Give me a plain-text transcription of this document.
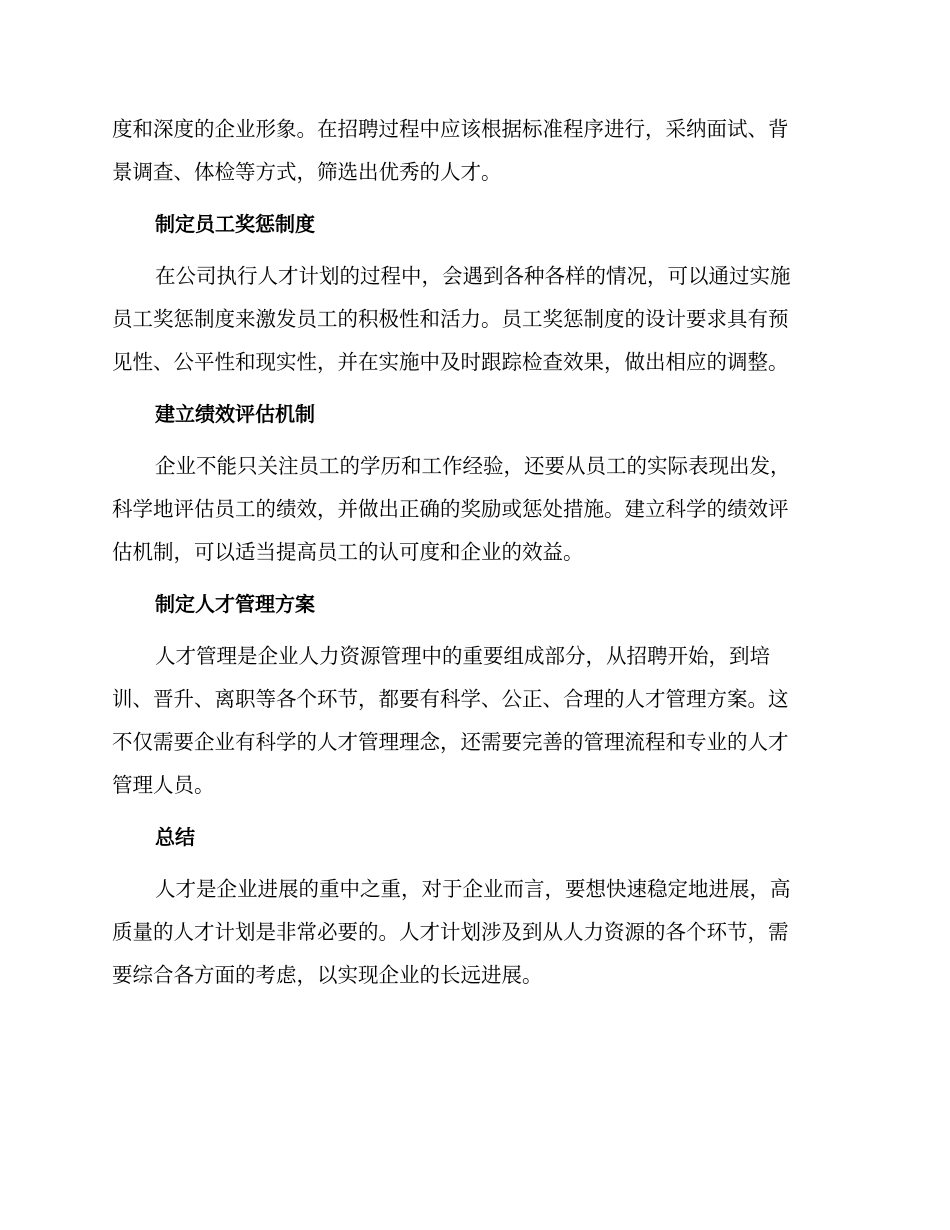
度和深度的企业形象。在招聘过程中应该根据标准程序进行，采纳面试、背
景调查、体检等方式，筛选出优秀的人才。
制定员工奖惩制度
在公司执行人才计划的过程中，会遇到各种各样的情况，可以通过实施
员工奖惩制度来激发员工的积极性和活力。员工奖惩制度的设计要求具有预
见性、公平性和现实性，并在实施中及时跟踪检查效果，做出相应的调整。
建立绩效评估机制
企业不能只关注员工的学历和工作经验，还要从员工的实际表现出发，
科学地评估员工的绩效，并做出正确的奖励或惩处措施。建立科学的绩效评
估机制，可以适当提高员工的认可度和企业的效益。
制定人才管理方案
人才管理是企业人力资源管理中的重要组成部分，从招聘开始，到培
训、晋升、离职等各个环节，都要有科学、公正、合理的人才管理方案。这
不仅需要企业有科学的人才管理理念，还需要完善的管理流程和专业的人才
管理人员。
总结
人才是企业进展的重中之重，对于企业而言，要想快速稳定地进展，高
质量的人才计划是非常必要的。人才计划涉及到从人力资源的各个环节，需
要综合各方面的考虑，以实现企业的长远进展。
